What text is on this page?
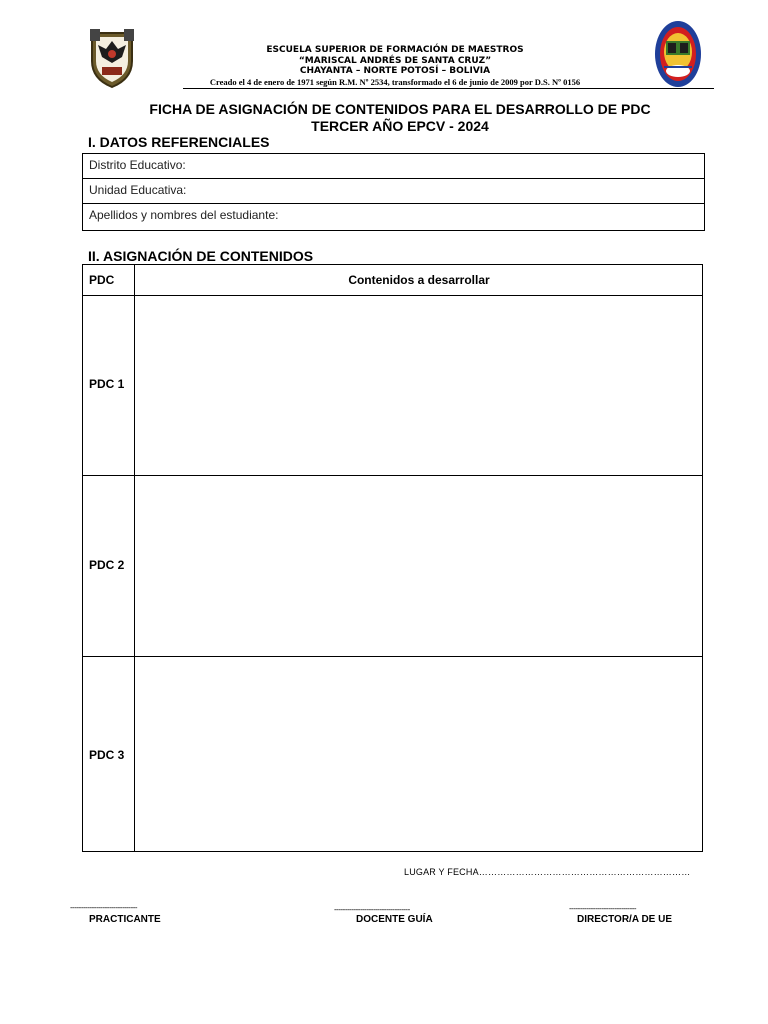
ESCUELA SUPERIOR DE FORMACIÓN DE MAESTROS
“MARISCAL ANDRÉS DE SANTA CRUZ”
CHAYANTA – NORTE POTOSÍ – BOLIVIA
Creado el 4 de enero de 1971 según R.M. Nº 2534, transformado el 6 de junio de 2009 por D.S. Nº 0156
FICHA DE ASIGNACIÓN DE CONTENIDOS PARA EL DESARROLLO DE PDC
TERCER AÑO EPCV - 2024
I. DATOS REFERENCIALES
Distrito Educativo:
Unidad Educativa:
Apellidos y nombres del estudiante:
II. ASIGNACIÓN DE CONTENIDOS
PDC	Contenidos a desarrollar
PDC 1
PDC 2
PDC 3
LUGAR Y FECHA……………………………………………………………
-------------------------------
PRACTICANTE
-----------------------------------
DOCENTE GUÍA
-------------------------------
DIRECTOR/A DE UE
